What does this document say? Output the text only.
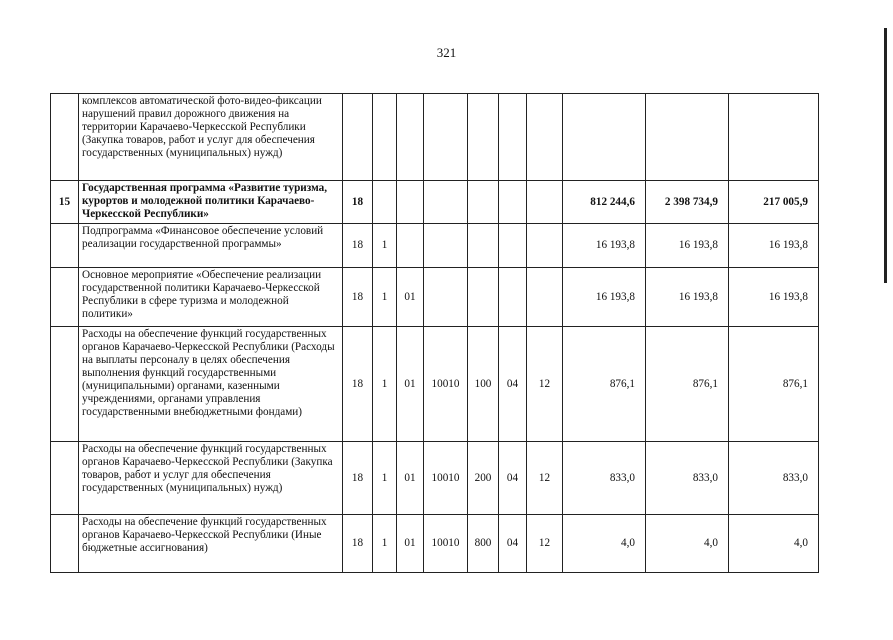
321
	комплексов автоматической фото-видео-фиксации нарушений правил дорожного движения на территории Карачаево-Черкесской Республики (Закупка товаров, работ и услуг для обеспечения государственных (муниципальных) нужд)										
15	Государственная программа «Развитие туризма, курортов и молодежной политики Карачаево-Черкесской Республики»	18							812 244,6	2 398 734,9	217 005,9
	Подпрограмма «Финансовое обеспечение условий реализации государственной программы»	18	1						16 193,8	16 193,8	16 193,8
	Основное мероприятие «Обеспечение реализации государственной политики Карачаево-Черкесской Республики в сфере туризма и молодежной политики»	18	1	01					16 193,8	16 193,8	16 193,8
	Расходы на обеспечение функций государственных органов Карачаево-Черкесской Республики (Расходы на выплаты персоналу в целях обеспечения выполнения функций государственными (муниципальными) органами, казенными учреждениями, органами управления государственными внебюджетными фондами)	18	1	01	10010	100	04	12	876,1	876,1	876,1
	Расходы на обеспечение функций государственных органов Карачаево-Черкесской Республики (Закупка товаров, работ и услуг для обеспечения государственных (муниципальных) нужд)	18	1	01	10010	200	04	12	833,0	833,0	833,0
	Расходы на обеспечение функций государственных органов Карачаево-Черкесской Республики (Иные бюджетные ассигнования)	18	1	01	10010	800	04	12	4,0	4,0	4,0
